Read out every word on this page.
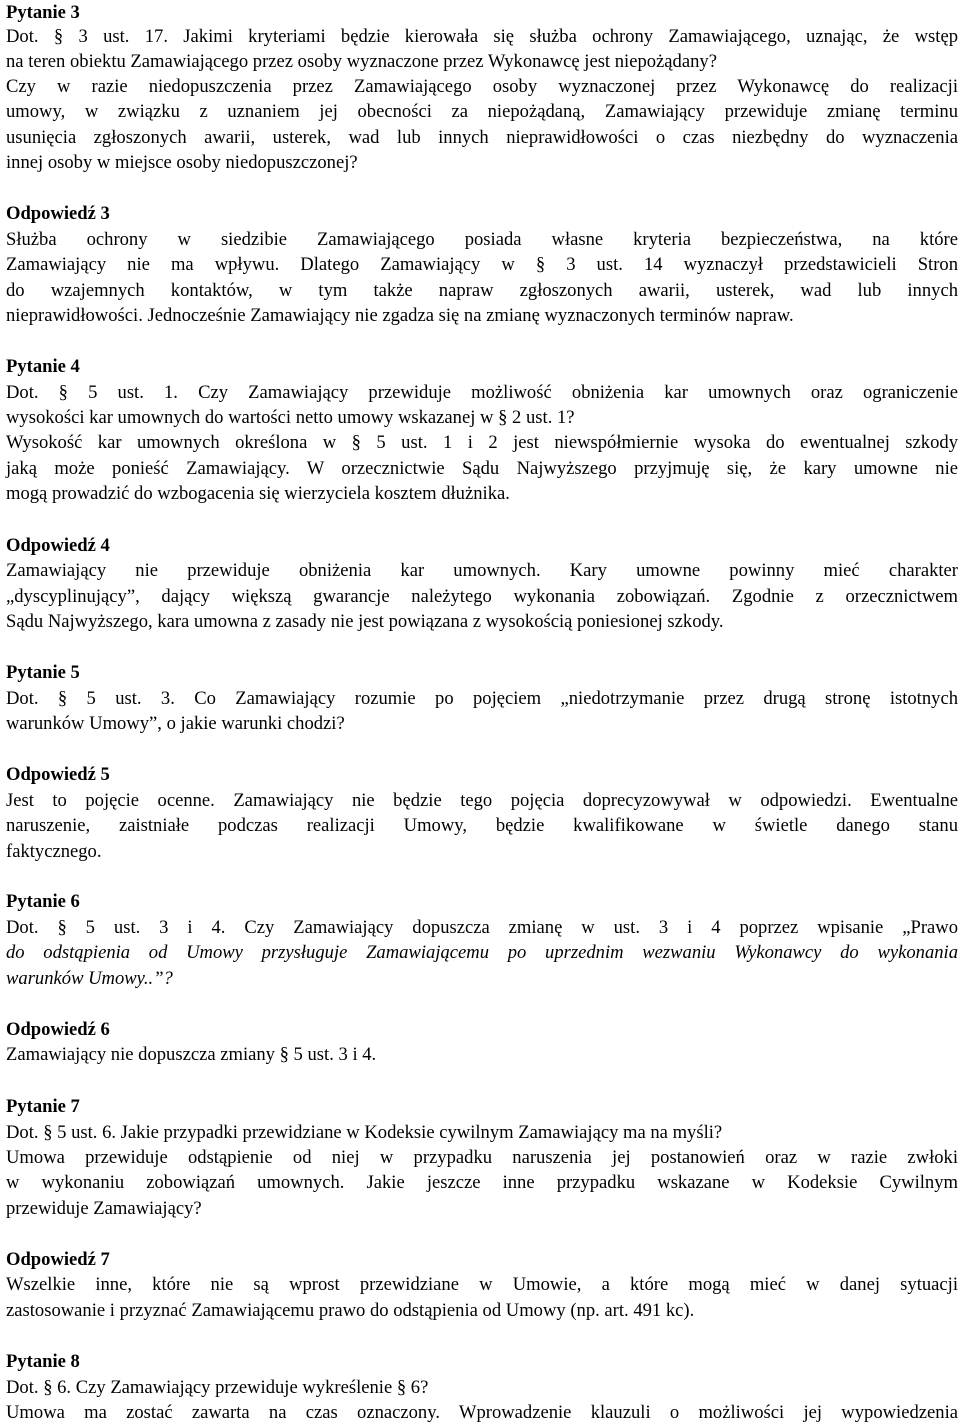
Pytanie 3
Dot. § 3 ust. 17. Jakimi kryteriami będzie kierowała się służba ochrony Zamawiającego, uznając, że wstęp
na teren obiektu Zamawiającego przez osoby wyznaczone przez Wykonawcę jest niepożądany?
Czy w razie niedopuszczenia przez Zamawiającego osoby wyznaczonej przez Wykonawcę do realizacji
umowy, w związku z uznaniem jej obecności za niepożądaną, Zamawiający przewiduje zmianę terminu
usunięcia zgłoszonych awarii, usterek, wad lub innych nieprawidłowości o czas niezbędny do wyznaczenia
innej osoby w miejsce osoby niedopuszczonej?
Odpowiedź 3
Służba ochrony w siedzibie Zamawiającego posiada własne kryteria bezpieczeństwa, na które
Zamawiający nie ma wpływu. Dlatego Zamawiający w § 3 ust. 14 wyznaczył przedstawicieli Stron
do wzajemnych kontaktów, w tym także napraw zgłoszonych awarii, usterek, wad lub innych
nieprawidłowości. Jednocześnie Zamawiający nie zgadza się na zmianę wyznaczonych terminów napraw.
Pytanie 4
Dot. § 5 ust. 1. Czy Zamawiający przewiduje możliwość obniżenia kar umownych oraz ograniczenie
wysokości kar umownych do wartości netto umowy wskazanej w § 2 ust. 1?
Wysokość kar umownych określona w § 5 ust. 1 i 2 jest niewspółmiernie wysoka do ewentualnej szkody
jaką może ponieść Zamawiający. W orzecznictwie Sądu Najwyższego przyjmuję się, że kary umowne nie
mogą prowadzić do wzbogacenia się wierzyciela kosztem dłużnika.
Odpowiedź 4
Zamawiający nie przewiduje obniżenia kar umownych. Kary umowne powinny mieć charakter
„dyscyplinujący”, dający większą gwarancje należytego wykonania zobowiązań. Zgodnie z orzecznictwem
Sądu Najwyższego, kara umowna z zasady nie jest powiązana z wysokością poniesionej szkody.
Pytanie 5
Dot. § 5 ust. 3. Co Zamawiający rozumie po pojęciem „niedotrzymanie przez drugą stronę istotnych
warunków Umowy”, o jakie warunki chodzi?
Odpowiedź 5
Jest to pojęcie ocenne. Zamawiający nie będzie tego pojęcia doprecyzowywał w odpowiedzi. Ewentualne
naruszenie, zaistniałe podczas realizacji Umowy, będzie kwalifikowane w świetle danego stanu
faktycznego.
Pytanie 6
Dot. § 5 ust. 3 i 4. Czy Zamawiający dopuszcza zmianę w ust. 3 i 4 poprzez wpisanie „Prawo
do odstąpienia od Umowy przysługuje Zamawiającemu po uprzednim wezwaniu Wykonawcy do wykonania
warunków Umowy..”?
Odpowiedź 6
Zamawiający nie dopuszcza zmiany § 5 ust. 3 i 4.
Pytanie 7
Dot. § 5 ust. 6. Jakie przypadki przewidziane w Kodeksie cywilnym Zamawiający ma na myśli?
Umowa przewiduje odstąpienie od niej w przypadku naruszenia jej postanowień oraz w razie zwłoki
w wykonaniu zobowiązań umownych. Jakie jeszcze inne przypadku wskazane w Kodeksie Cywilnym
przewiduje Zamawiający?
Odpowiedź 7
Wszelkie inne, które nie są wprost przewidziane w Umowie, a które mogą mieć w danej sytuacji
zastosowanie i przyznać Zamawiającemu prawo do odstąpienia od Umowy (np. art. 491 kc).
Pytanie 8
Dot. § 6. Czy Zamawiający przewiduje wykreślenie § 6?
Umowa ma zostać zawarta na czas oznaczony. Wprowadzenie klauzuli o możliwości jej wypowiedzenia
